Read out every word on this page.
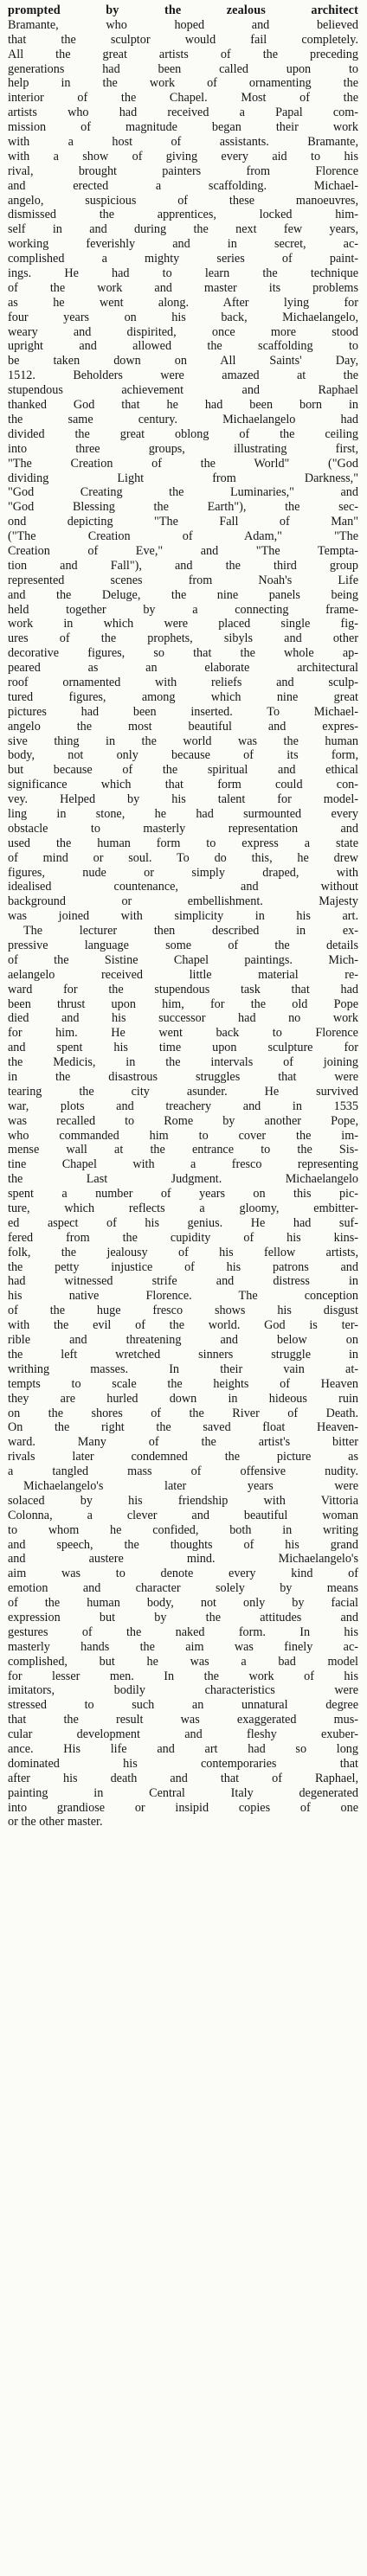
prompted by the zealous architect
Bramante, who hoped and believed
that the sculptor would fail completely.
All the great artists of the preceding
generations had been called upon to
help in the work of ornamenting the
interior of the Chapel. Most of the
artists who had received a Papal com-
mission of magnitude began their work
with a host of assistants. Bramante,
with a show of giving every aid to his
rival, brought painters from Florence
and erected a scaffolding. Michael-
angelo, suspicious of these manoeuvres,
dismissed the apprentices, locked him-
self in and during the next few years,
working feverishly and in secret, ac-
complished a mighty series of paint-
ings. He had to learn the technique
of the work and master its problems
as he went along. After lying for
four years on his back, Michaelangelo,
weary and dispirited, once more stood
upright and allowed the scaffolding to
be taken down on All Saints' Day,
1512. Beholders were amazed at the
stupendous achievement and Raphael
thanked God that he had been born in
the same century. Michaelangelo had
divided the great oblong of the ceiling
into three groups, illustrating first,
"The Creation of the World" ("God
dividing Light from Darkness,"
"God Creating the Luminaries," and
"God Blessing the Earth"), the sec-
ond depicting "The Fall of Man"
("The Creation of Adam," "The
Creation of Eve," and "The Tempta-
tion and Fall"), and the third group
represented scenes from Noah's Life
and the Deluge, the nine panels being
held together by a connecting frame-
work in which were placed single fig-
ures of the prophets, sibyls and other
decorative figures, so that the whole ap-
peared as an elaborate architectural
roof ornamented with reliefs and sculp-
tured figures, among which nine great
pictures had been inserted. To Michael-
angelo the most beautiful and expres-
sive thing in the world was the human
body, not only because of its form,
but because of the spiritual and ethical
significance which that form could con-
vey. Helped by his talent for model-
ling in stone, he had surmounted every
obstacle to masterly representation and
used the human form to express a state
of mind or soul. To do this, he drew
figures, nude or simply draped, with
idealised countenance, and without
background or embellishment. Majesty
was joined with simplicity in his art.
The lecturer then described in ex-
pressive language some of the details
of the Sistine Chapel paintings. Mich-
aelangelo received little material re-
ward for the stupendous task that had
been thrust upon him, for the old Pope
died and his successor had no work
for him. He went back to Florence
and spent his time upon sculpture for
the Medicis, in the intervals of joining
in the disastrous struggles that were
tearing the city asunder. He survived
war, plots and treachery and in 1535
was recalled to Rome by another Pope,
who commanded him to cover the im-
mense wall at the entrance to the Sis-
tine Chapel with a fresco representing
the Last Judgment. Michaelangelo
spent a number of years on this pic-
ture, which reflects a gloomy, embitter-
ed aspect of his genius. He had suf-
fered from the cupidity of his kins-
folk, the jealousy of his fellow artists,
the petty injustice of his patrons and
had witnessed strife and distress in
his native Florence. The conception
of the huge fresco shows his disgust
with the evil of the world. God is ter-
rible and threatening and below on
the left wretched sinners struggle in
writhing masses. In their vain at-
tempts to scale the heights of Heaven
they are hurled down in hideous ruin
on the shores of the River of Death.
On the right the saved float Heaven-
ward. Many of the artist's bitter
rivals later condemned the picture as
a tangled mass of offensive nudity.
Michaelangelo's later years were
solaced by his friendship with Vittoria
Colonna, a clever and beautiful woman
to whom he confided, both in writing
and speech, the thoughts of his grand
and austere mind. Michaelangelo's
aim was to denote every kind of
emotion and character solely by means
of the human body, not only by facial
expression but by the attitudes and
gestures of the naked form. In his
masterly hands the aim was finely ac-
complished, but he was a bad model
for lesser men. In the work of his
imitators, bodily characteristics were
stressed to such an unnatural degree
that the result was exaggerated mus-
cular development and fleshy exuber-
ance. His life and art had so long
dominated his contemporaries that
after his death and that of Raphael,
painting in Central Italy degenerated
into grandiose or insipid copies of one
or the other master.
